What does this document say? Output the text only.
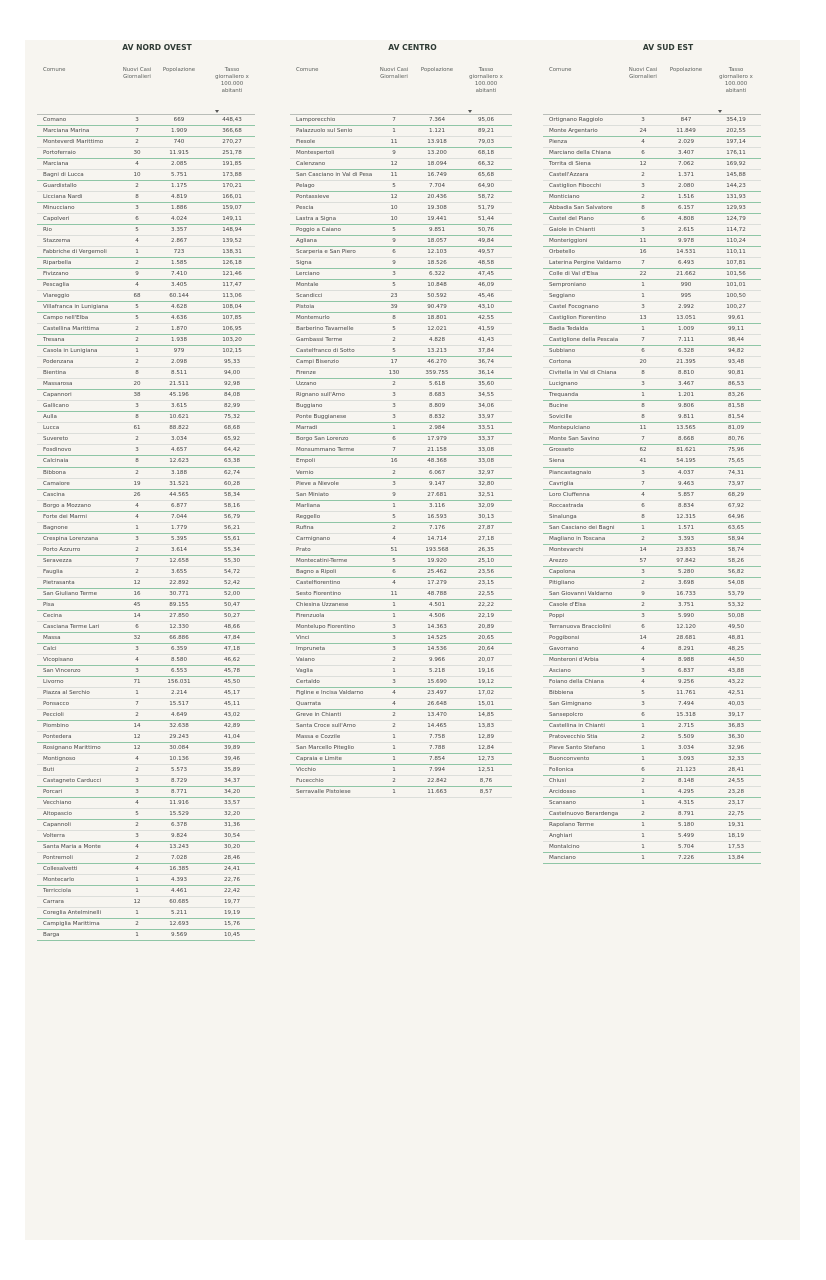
AV NORD OVEST
Comune	Nuovi Casi
Giornalieri
Popolazione	Tasso
giornaliero x
100.000
abitanti
Comano	3	669	448,43
Marciana Marina	7	1.909	366,68
Monteverdi Marittimo	2	740	270,27
Portoferraio	30	11.915	251,78
Marciana	4	2.085	191,85
Bagni di Lucca	10	5.751	173,88
Guardistallo	2	1.175	170,21
Licciana Nardi	8	4.819	166,01
Minucciano	3	1.886	159,07
Capolveri	6	4.024	149,11
Rio	5	3.357	148,94
Stazzema	4	2.867	139,52
Fabbriche di Vergemoli	1	723	138,31
Riparbella	2	1.585	126,18
Fivizzano	9	7.410	121,46
Pescaglia	4	3.405	117,47
Viareggio	68	60.144	113,06
Villafranca in Lunigiana	5	4.628	108,04
Campo nell'Elba	5	4.636	107,85
Castellina Marittima	2	1.870	106,95
Tresana	2	1.938	103,20
Casola in Lunigiana	1	979	102,15
Podenzana	2	2.098	95,33
Bientina	8	8.511	94,00
Massarosa	20	21.511	92,98
Capannori	38	45.196	84,08
Gallicano	3	3.615	82,99
Aulla	8	10.621	75,32
Lucca	61	88.822	68,68
Suvereto	2	3.034	65,92
Fosdinovo	3	4.657	64,42
Calcinaia	8	12.623	63,38
Bibbona	2	3.188	62,74
Camaiore	19	31.521	60,28
Cascina	26	44.565	58,34
Borgo a Mozzano	4	6.877	58,16
Forte dei Marmi	4	7.044	56,79
Bagnone	1	1.779	56,21
Crespina Lorenzana	3	5.395	55,61
Porto Azzurro	2	3.614	55,34
Seravezza	7	12.658	55,30
Fauglia	2	3.655	54,72
Pietrasanta	12	22.892	52,42
San Giuliano Terme	16	30.771	52,00
Pisa	45	89.155	50,47
Cecina	14	27.850	50,27
Casciana Terme Lari	6	12.330	48,66
Massa	32	66.886	47,84
Calci	3	6.359	47,18
Vicopisano	4	8.580	46,62
San Vincenzo	3	6.553	45,78
Livorno	71	156.031	45,50
Piazza al Serchio	1	2.214	45,17
Ponsacco	7	15.517	45,11
Peccioli	2	4.649	43,02
Piombino	14	32.638	42,89
Pontedera	12	29.243	41,04
Rosignano Marittimo	12	30.084	39,89
Montignoso	4	10.136	39,46
Buti	2	5.573	35,89
Castagneto Carducci	3	8.729	34,37
Porcari	3	8.771	34,20
Vecchiano	4	11.916	33,57
Altopascio	5	15.529	32,20
Capannoli	2	6.378	31,36
Volterra	3	9.824	30,54
Santa Maria a Monte	4	13.243	30,20
Pontremoli	2	7.028	28,46
Collesalvetti	4	16.385	24,41
Montecarlo	1	4.393	22,76
Terricciola	1	4.461	22,42
Carrara	12	60.685	19,77
Coreglia Antelminelli	1	5.211	19,19
Campiglia Marittima	2	12.693	15,76
Barga	1	9.569	10,45
AV CENTRO
Comune	Nuovi Casi
Giornalieri
Popolazione	Tasso
giornaliero x
100.000
abitanti
Lamporecchio	7	7.364	95,06
Palazzuolo sul Senio	1	1.121	89,21
Fiesole	11	13.918	79,03
Montespertoli	9	13.200	68,18
Calenzano	12	18.094	66,32
San Casciano in Val di Pesa	11	16.749	65,68
Pelago	5	7.704	64,90
Pontassieve	12	20.436	58,72
Pescia	10	19.308	51,79
Lastra a Signa	10	19.441	51,44
Poggio a Caiano	5	9.851	50,76
Agliana	9	18.057	49,84
Scarperia e San Piero	6	12.103	49,57
Signa	9	18.526	48,58
Lerciano	3	6.322	47,45
Montale	5	10.848	46,09
Scandicci	23	50.592	45,46
Pistoia	39	90.479	43,10
Montemurlo	8	18.801	42,55
Barberino Tavarnelle	5	12.021	41,59
Gambassi Terme	2	4.828	41,43
Castelfranco di Sotto	5	13.213	37,84
Campi Bisenzio	17	46.270	36,74
Firenze	130	359.755	36,14
Uzzano	2	5.618	35,60
Rignano sull'Arno	3	8.683	34,55
Buggiano	3	8.809	34,06
Ponte Buggianese	3	8.832	33,97
Marradi	1	2.984	33,51
Borgo San Lorenzo	6	17.979	33,37
Monsummano Terme	7	21.158	33,08
Empoli	16	48.368	33,08
Vernio	2	6.067	32,97
Pieve a Nievole	3	9.147	32,80
San Miniato	9	27.681	32,51
Marliana	1	3.116	32,09
Reggello	5	16.593	30,13
Rufina	2	7.176	27,87
Carmignano	4	14.714	27,18
Prato	51	193.568	26,35
Montecatini-Terme	5	19.920	25,10
Bagno a Ripoli	6	25.462	23,56
Castelfiorentino	4	17.279	23,15
Sesto Fiorentino	11	48.788	22,55
Chiesina Uzzanese	1	4.501	22,22
Firenzuola	1	4.506	22,19
Montelupo Fiorentino	3	14.363	20,89
Vinci	3	14.525	20,65
Impruneta	3	14.536	20,64
Vaiano	2	9.966	20,07
Vaglia	1	5.218	19,16
Certaldo	3	15.690	19,12
Figline e Incisa Valdarno	4	23.497	17,02
Quarrata	4	26.648	15,01
Greve in Chianti	2	13.470	14,85
Santa Croce sull'Arno	2	14.465	13,83
Massa e Cozzile	1	7.758	12,89
San Marcello Piteglio	1	7.788	12,84
Capraia e Limite	1	7.854	12,73
Vicchio	1	7.994	12,51
Fucecchio	2	22.842	8,76
Serravalle Pistoiese	1	11.663	8,57
AV SUD EST
Comune	Nuovi Casi
Giornalieri
Popolazione	Tasso
giornaliero x
100.000
abitanti
Ortignano Raggiolo	3	847	354,19
Monte Argentario	24	11.849	202,55
Pienza	4	2.029	197,14
Marciano della Chiana	6	3.407	176,11
Torrita di Siena	12	7.062	169,92
Castell'Azzara	2	1.371	145,88
Castiglion Fibocchi	3	2.080	144,23
Monticiano	2	1.516	131,93
Abbadia San Salvatore	8	6.157	129,93
Castel del Piano	6	4.808	124,79
Gaiole in Chianti	3	2.615	114,72
Monteriggioni	11	9.978	110,24
Orbetello	16	14.531	110,11
Laterina Pergine Valdarno	7	6.493	107,81
Colle di Val d'Elsa	22	21.662	101,56
Semproniano	1	990	101,01
Seggiano	1	995	100,50
Castel Focognano	3	2.992	100,27
Castiglion Fiorentino	13	13.051	99,61
Badia Tedalda	1	1.009	99,11
Castiglione della Pescaia	7	7.111	98,44
Subbiano	6	6.328	94,82
Cortona	20	21.395	93,48
Civitella in Val di Chiana	8	8.810	90,81
Lucignano	3	3.467	86,53
Trequanda	1	1.201	83,26
Bucine	8	9.806	81,58
Sovicille	8	9.811	81,54
Montepulciano	11	13.565	81,09
Monte San Savino	7	8.668	80,76
Grosseto	62	81.621	75,96
Siena	41	54.195	75,65
Piancastagnaio	3	4.037	74,31
Cavriglia	7	9.463	73,97
Loro Ciuffenna	4	5.857	68,29
Roccastrada	6	8.834	67,92
Sinalunga	8	12.315	64,96
San Casciano dei Bagni	1	1.571	63,65
Magliano in Toscana	2	3.393	58,94
Montevarchi	14	23.833	58,74
Arezzo	57	97.842	58,26
Capolona	3	5.280	56,82
Pitigliano	2	3.698	54,08
San Giovanni Valdarno	9	16.733	53,79
Casole d'Elsa	2	3.751	53,32
Poppi	3	5.990	50,08
Terranuova Bracciolini	6	12.120	49,50
Poggibonsi	14	28.681	48,81
Gavorrano	4	8.291	48,25
Monteroni d'Arbia	4	8.988	44,50
Asciano	3	6.837	43,88
Foiano della Chiana	4	9.256	43,22
Bibbiena	5	11.761	42,51
San Gimignano	3	7.494	40,03
Sansepolcro	6	15.318	39,17
Castellina in Chianti	1	2.715	36,83
Pratovecchio Stia	2	5.509	36,30
Pieve Santo Stefano	1	3.034	32,96
Buonconvento	1	3.093	32,33
Follonica	6	21.123	28,41
Chiusi	2	8.148	24,55
Arcidosso	1	4.295	23,28
Scansano	1	4.315	23,17
Castelnuovo Berardenga	2	8.791	22,75
Rapolano Terme	1	5.180	19,31
Anghiari	1	5.499	18,19
Montalcino	1	5.704	17,53
Manciano	1	7.226	13,84
